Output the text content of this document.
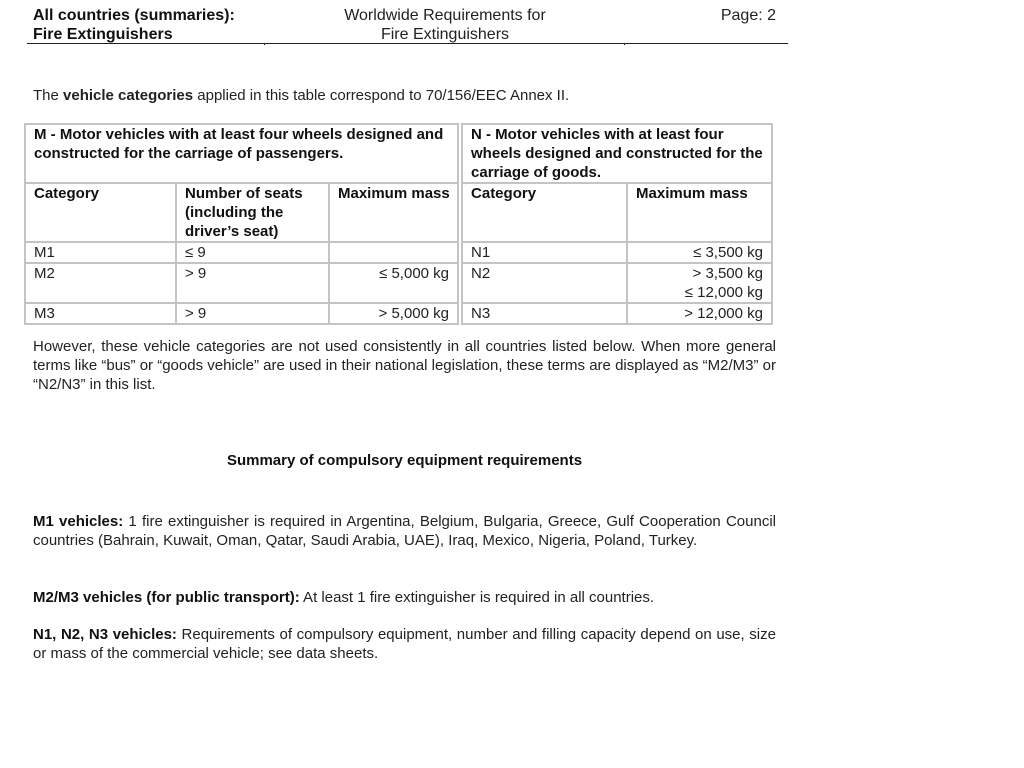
All countries (summaries):
Fire Extinguishers
Worldwide Requirements for
Fire Extinguishers
Page: 2
The vehicle categories applied in this table correspond to 70/156/EEC Annex II.
M - Motor vehicles with at least four wheels designed and constructed for the carriage of passengers.				N - Motor vehicles with at least four wheels designed and constructed for the carriage of goods.	
Category	Number of seats (including the driver’s seat)	Maximum mass		Category	Maximum mass
M1	≤ 9			N1	≤ 3,500 kg

M2	> 9	≤ 5,000 kg		N2	> 3,500 kg
≤ 12,000 kg

M3	> 9	> 5,000 kg		N3	> 12,000 kg
However, these vehicle categories are not used consistently in all countries listed below. When more general terms like “bus” or “goods vehicle” are used in their national legislation, these terms are displayed as “M2/M3” or “N2/N3” in this list.
Summary of compulsory equipment requirements
M1 vehicles: 1 fire extinguisher is required in Argentina, Belgium, Bulgaria, Greece, Gulf Cooperation Council countries (Bahrain, Kuwait, Oman, Qatar, Saudi Arabia, UAE), Iraq, Mexico, Nigeria, Poland, Turkey.
M2/M3 vehicles (for public transport): At least 1 fire extinguisher is required in all countries.
N1, N2, N3 vehicles: Requirements of compulsory equipment, number and filling capacity depend on use, size or mass of the commercial vehicle; see data sheets.
